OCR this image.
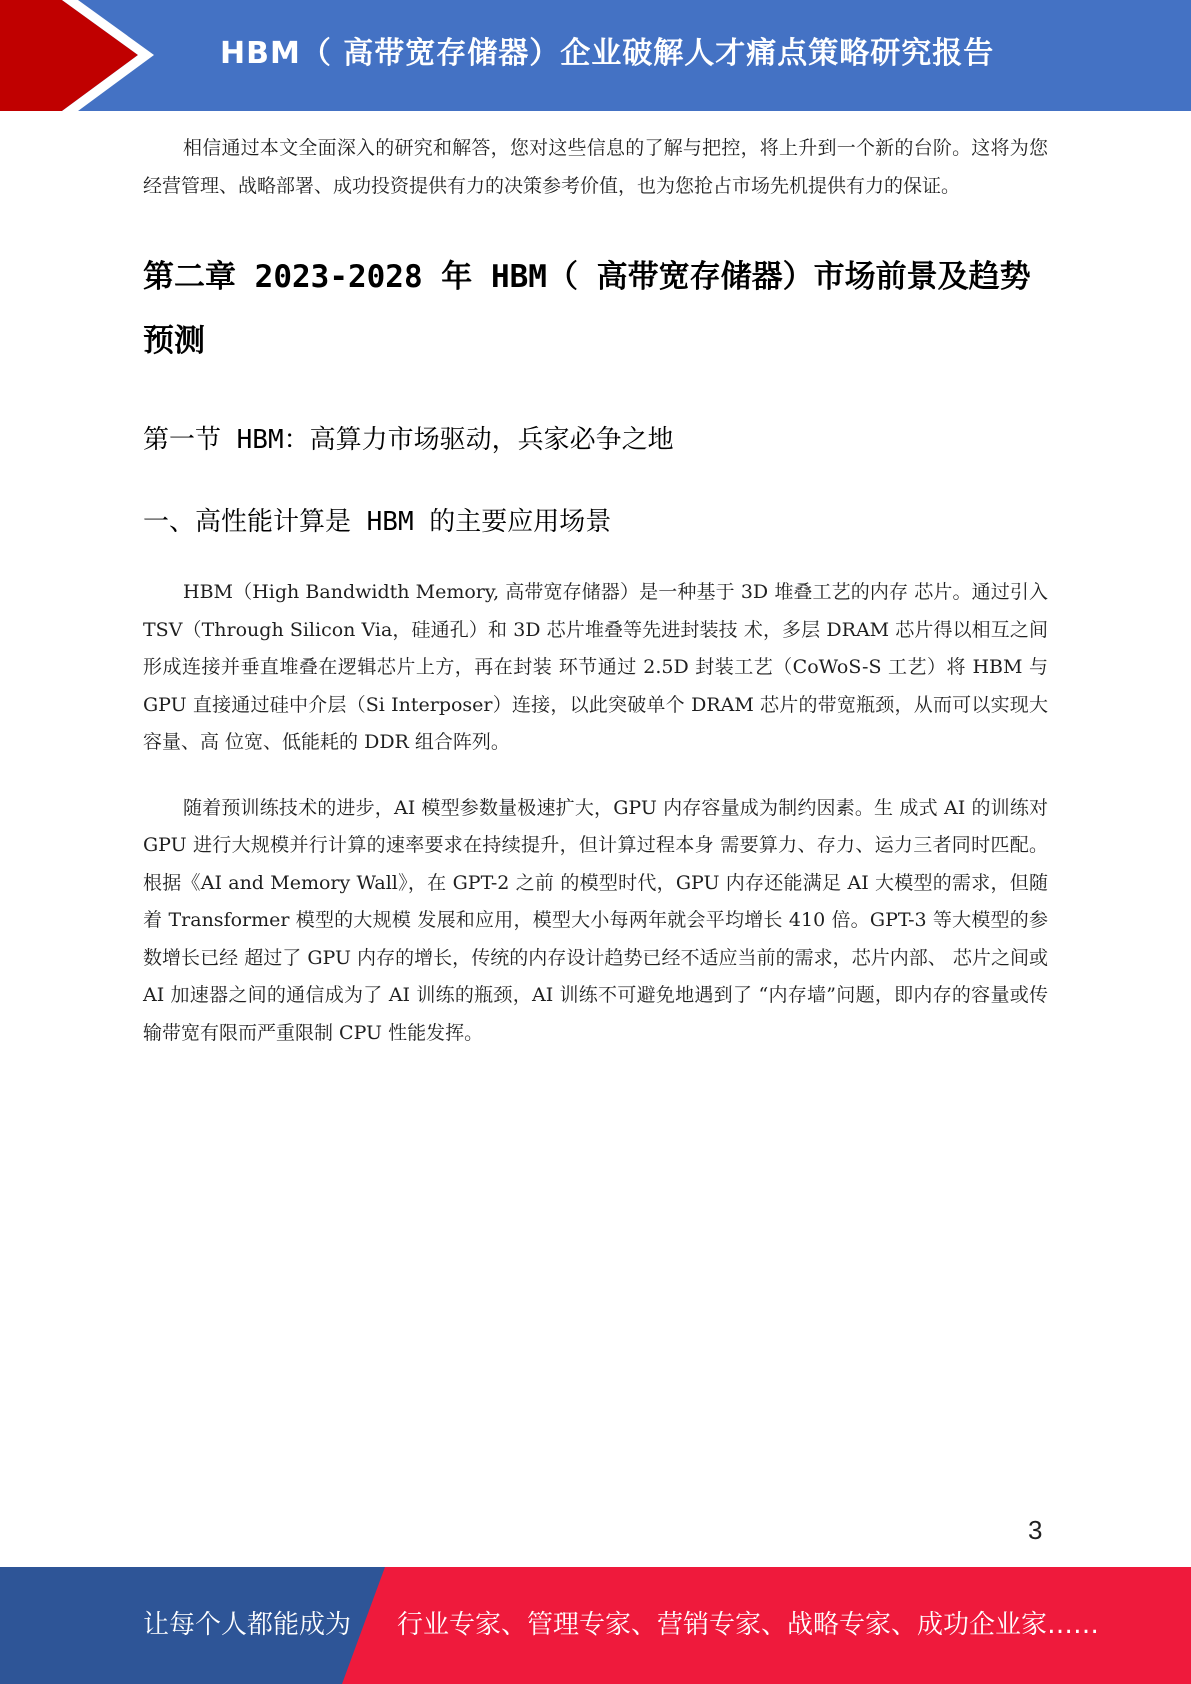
HBM（ 高带宽存储器）企业破解人才痛点策略研究报告

相信通过本文全面深入的研究和解答，您对这些信息的了解与把控，将上升到一个新的台阶。这将为您经营管理、战略部署、成功投资提供有力的决策参考价值，也为您抢占市场先机提供有力的保证。

第二章 2023-2028 年 HBM（ 高带宽存储器）市场前景及趋势预测
第一节 HBM：高算力市场驱动，兵家必争之地
一、高性能计算是 HBM 的主要应用场景

HBM（High Bandwidth Memory, 高带宽存储器）是一种基于 3D 堆叠工艺的内存 芯片。通过引入 TSV（Through Silicon Via，硅通孔）和 3D 芯片堆叠等先进封装技 术，多层 DRAM 芯片得以相互之间形成连接并垂直堆叠在逻辑芯片上方，再在封装 环节通过 2.5D 封装工艺（CoWoS-S 工艺）将 HBM 与 GPU 直接通过硅中介层（Si Interposer）连接，以此突破单个 DRAM 芯片的带宽瓶颈，从而可以实现大容量、高 位宽、低能耗的 DDR 组合阵列。

随着预训练技术的进步，AI 模型参数量极速扩大，GPU 内存容量成为制约因素。生 成式 AI 的训练对 GPU 进行大规模并行计算的速率要求在持续提升，但计算过程本身 需要算力、存力、运力三者同时匹配。根据《AI and Memory Wall》，在 GPT-2 之前 的模型时代，GPU 内存还能满足 AI 大模型的需求，但随着 Transformer 模型的大规模 发展和应用，模型大小每两年就会平均增长 410 倍。GPT-3 等大模型的参数增长已经 超过了 GPU 内存的增长，传统的内存设计趋势已经不适应当前的需求，芯片内部、 芯片之间或 AI 加速器之间的通信成为了 AI 训练的瓶颈，AI 训练不可避免地遇到了 “内存墙”问题，即内存的容量或传输带宽有限而严重限制 CPU 性能发挥。

3
让每个人都能成为 行业专家、管理专家、营销专家、战略专家、成功企业家……
